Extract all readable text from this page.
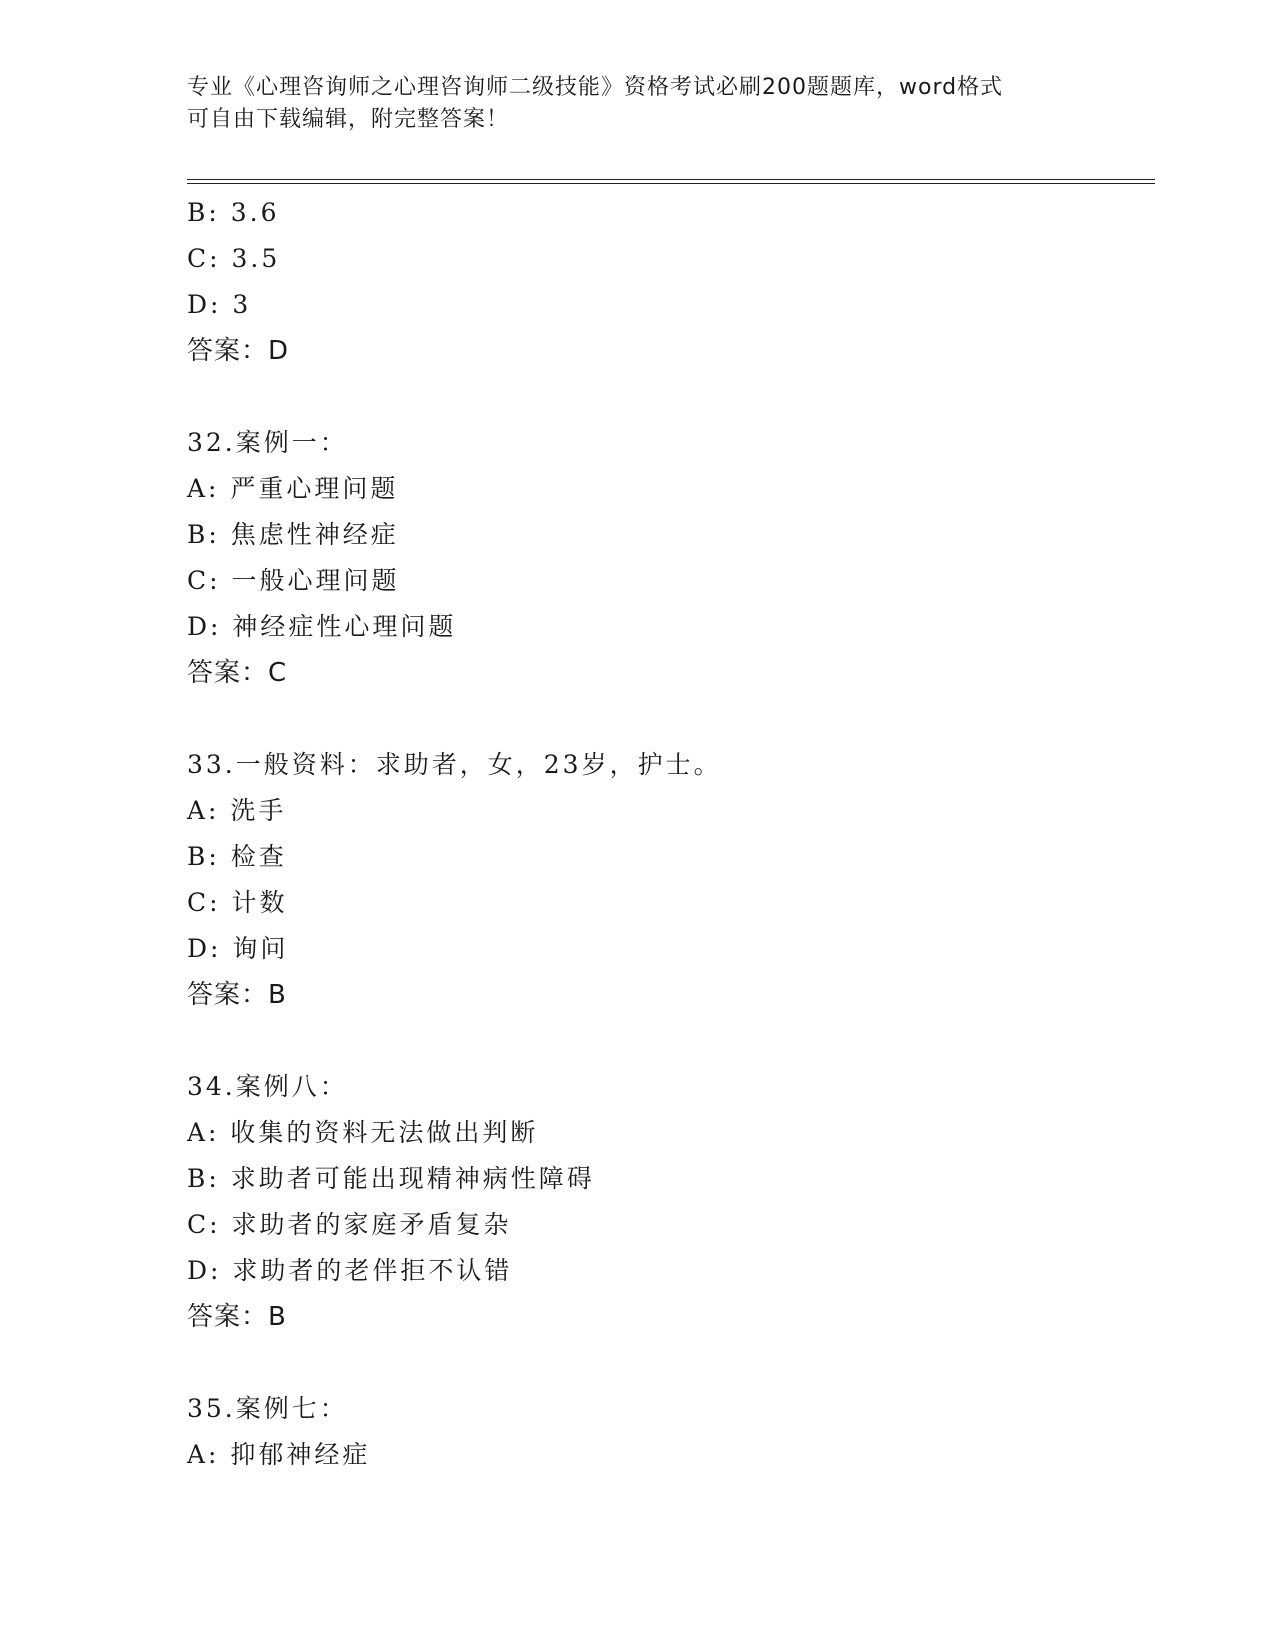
专业《心理咨询师之心理咨询师二级技能》资格考试必刷200题题库，word格式
可自由下载编辑，附完整答案！
B: 3.6
C: 3.5
D: 3
答案：D
32.案例一：
A: 严重心理问题
B: 焦虑性神经症
C: 一般心理问题
D: 神经症性心理问题
答案：C
33.一般资料：求助者，女，23岁，护士。
A: 洗手
B: 检查
C: 计数
D: 询问
答案：B
34.案例八：
A: 收集的资料无法做出判断
B: 求助者可能出现精神病性障碍
C: 求助者的家庭矛盾复杂
D: 求助者的老伴拒不认错
答案：B
35.案例七：
A: 抑郁神经症
